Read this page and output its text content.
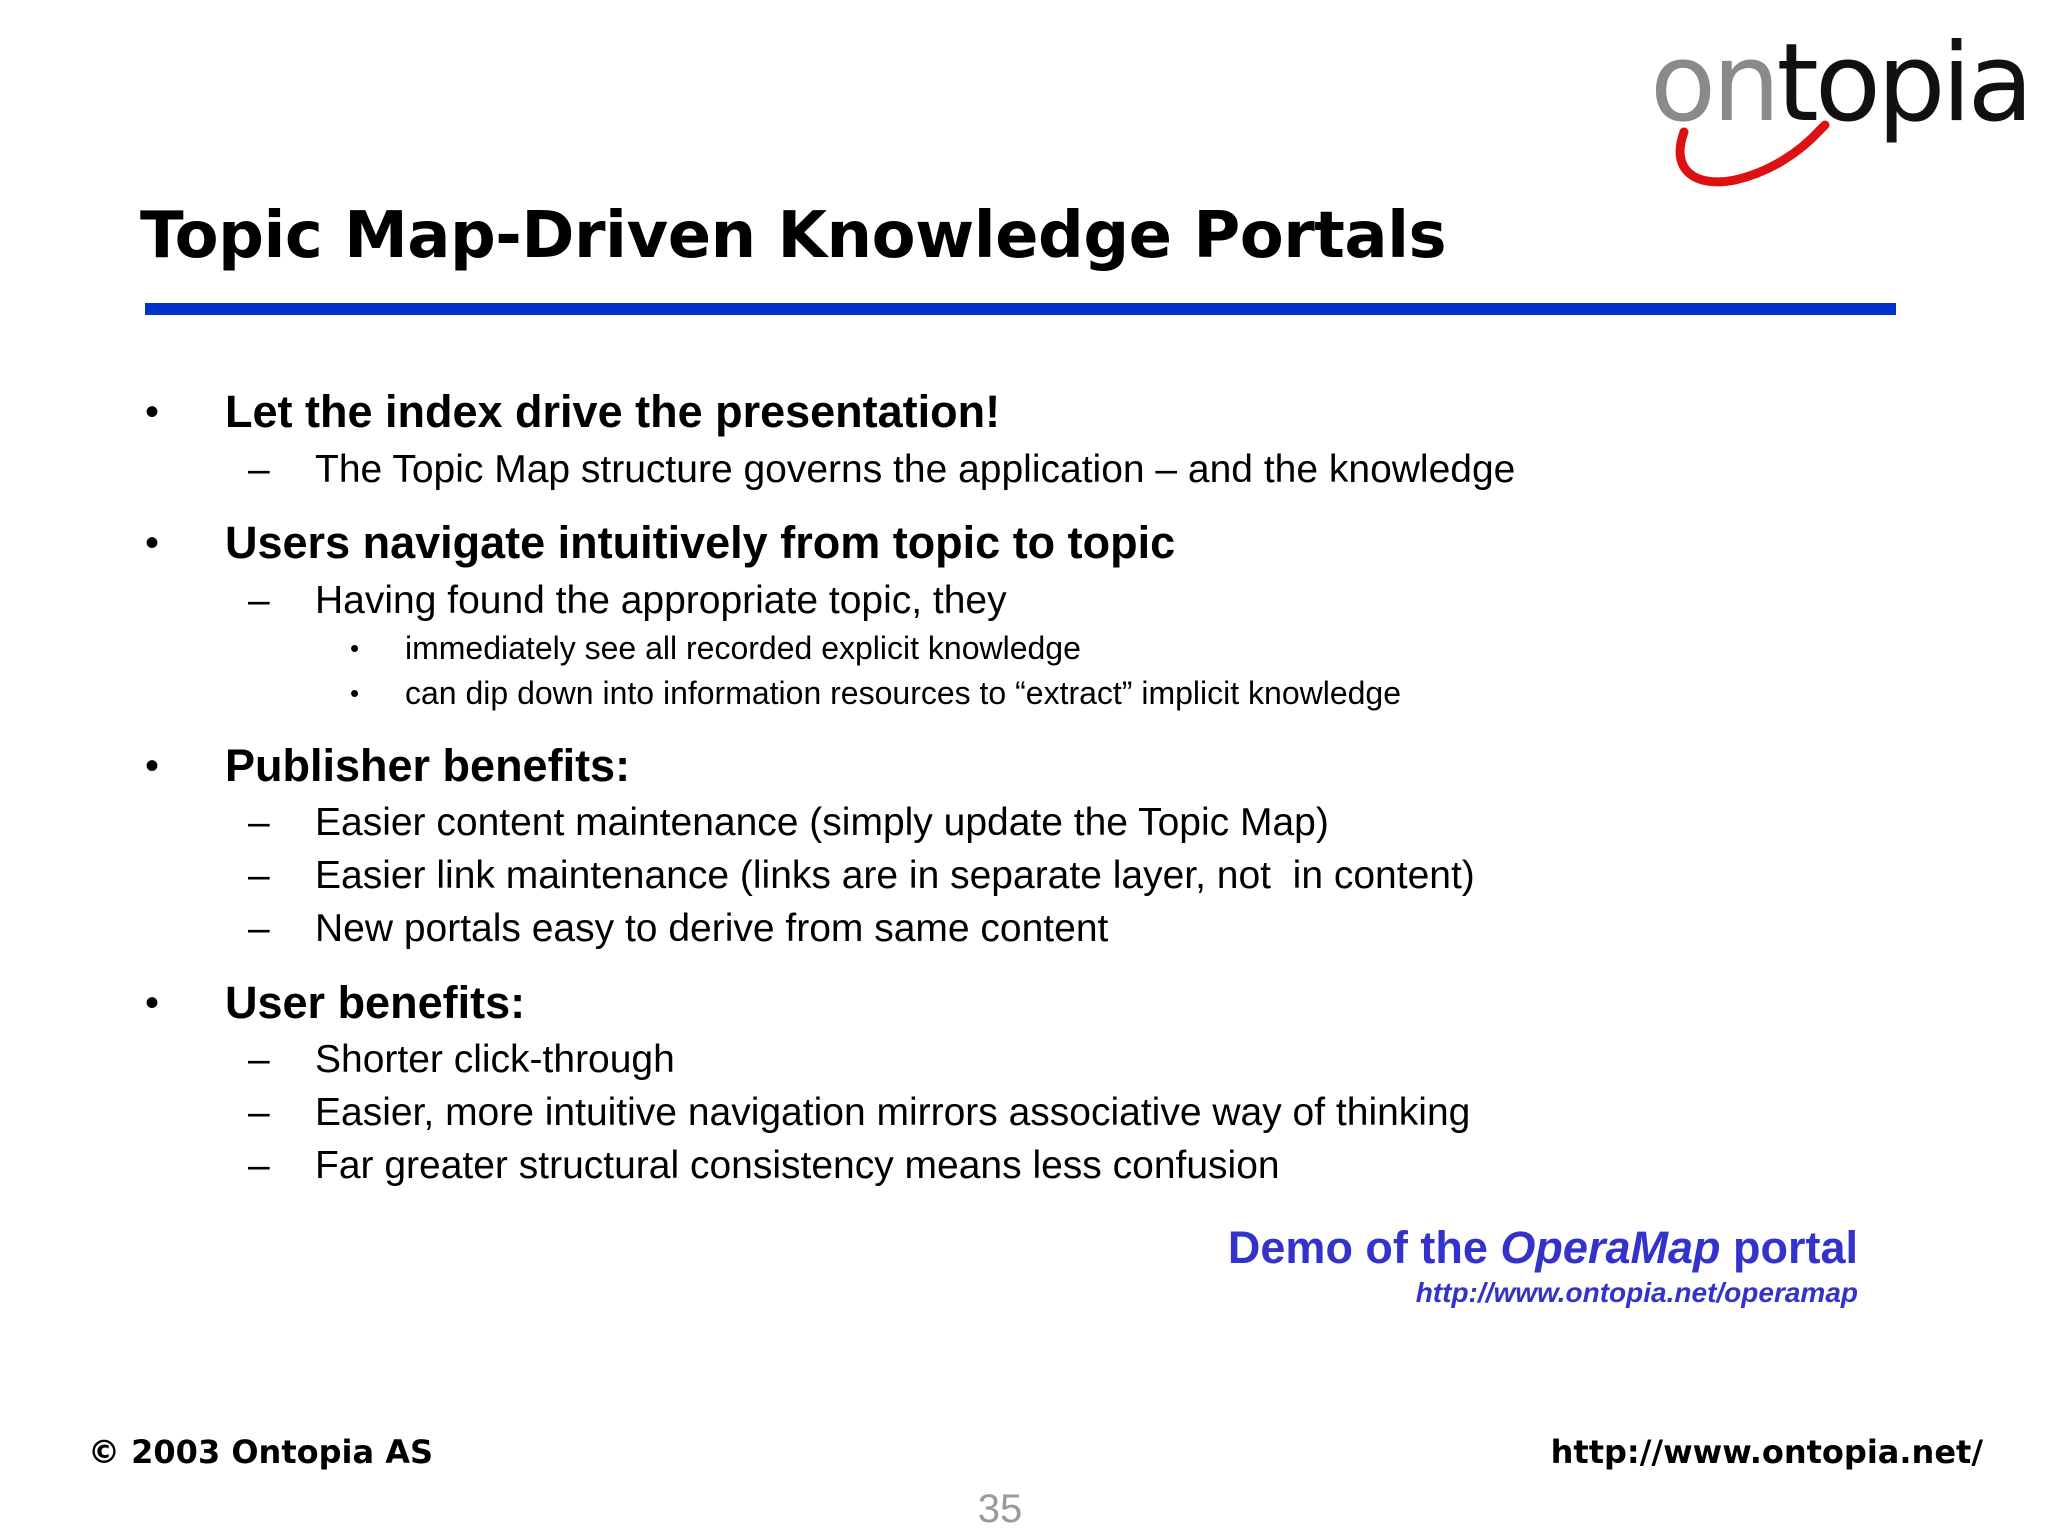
ontopia
Topic Map-Driven Knowledge Portals
• Let the index drive the presentation!
– The Topic Map structure governs the application – and the knowledge
• Users navigate intuitively from topic to topic
– Having found the appropriate topic, they
• immediately see all recorded explicit knowledge
• can dip down into information resources to “extract” implicit knowledge
• Publisher benefits:
– Easier content maintenance (simply update the Topic Map)
– Easier link maintenance (links are in separate layer, not  in content)
– New portals easy to derive from same content
• User benefits:
– Shorter click-through
– Easier, more intuitive navigation mirrors associative way of thinking
– Far greater structural consistency means less confusion
Demo of the OperaMap portal
http://www.ontopia.net/operamap
© 2003 Ontopia AS	http://www.ontopia.net/
35
